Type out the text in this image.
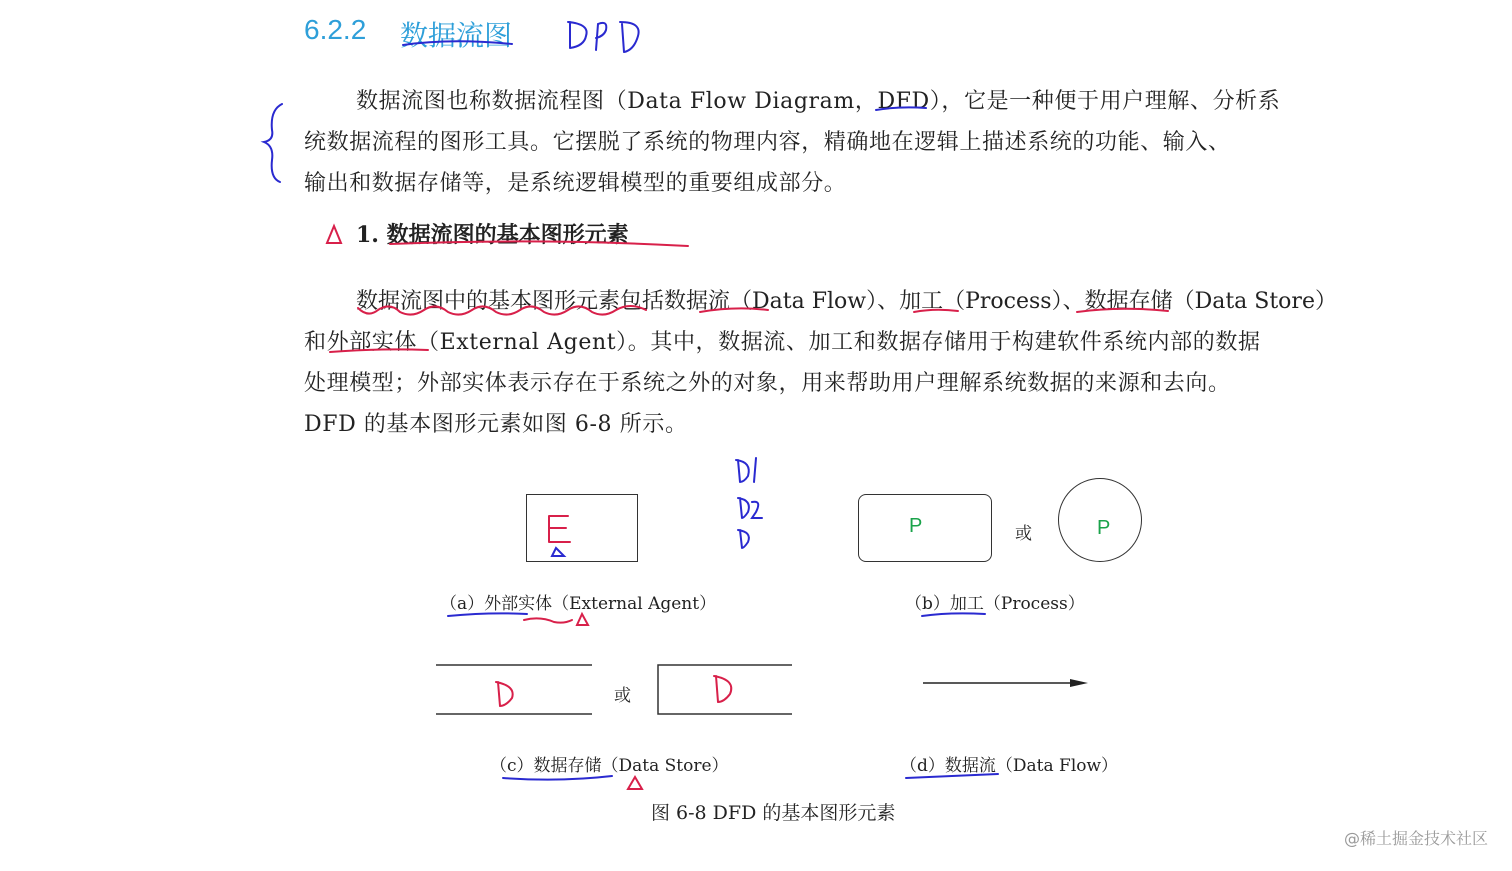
6.2.2 数据流图
数据流图也称数据流程图（Data Flow Diagram，DFD），它是一种便于用户理解、分析系
统数据流程的图形工具。它摆脱了系统的物理内容，精确地在逻辑上描述系统的功能、输入、
输出和数据存储等，是系统逻辑模型的重要组成部分。
1. 数据流图的基本图形元素
数据流图中的基本图形元素包括数据流（Data Flow）、加工（Process）、数据存储（Data Store）
和外部实体（External Agent）。其中，数据流、加工和数据存储用于构建软件系统内部的数据
处理模型；外部实体表示存在于系统之外的对象，用来帮助用户理解系统数据的来源和去向。
DFD 的基本图形元素如图 6-8 所示。
P	P
或
或
（a）外部实体（External Agent）	（b）加工（Process）
（c）数据存储（Data Store）	（d）数据流（Data Flow）
图 6-8 DFD 的基本图形元素
@稀土掘金技术社区
